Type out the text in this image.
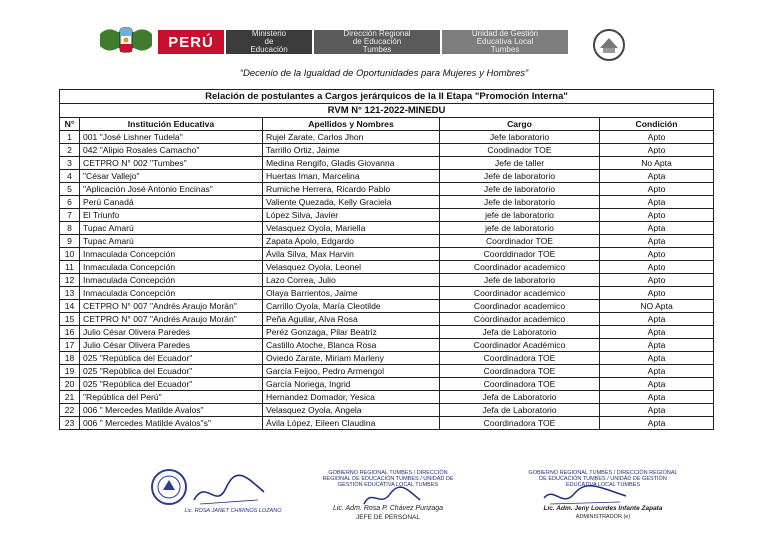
PERÚ	Ministerio
de
Educación
Dirección Regional
de Educación
Tumbes
Unidad de Gestión
Educativa Local
Tumbes
“Decenio de la Igualdad de Oportunidades para Mujeres y Hombres”
Relación de postulantes a Cargos jerárquicos de la II Etapa "Promoción Interna"				
RVM N° 121-2022-MINEDU				
N°	Institución Educativa	Apellidos y Nombres	Cargo	Condición
1	001 "José Lishner Tudela"	Rujel Zarate, Carlos Jhon	Jefe laboratorio	Apto
2	042 "Alipio Rosales Camacho"	Tarrillo Ortiz, Jaime	Coodinador TOE	Apto
3	CETPRO N° 002 "Tumbes"	Medina Rengifo, Gladis Giovanna	Jefe de taller	No Apta
4	"César Vallejo"	Huertas Iman, Marcelina	Jefe de laboratorio	Apta
5	"Aplicación José Antonio Encinas"	Rumiche Herrera, Ricardo Pablo	Jefe de laboratorio	Apto
6	Perú Canadá	Valiente Quezada, Kelly Graciela	Jefe de laboratorio	Apta
7	El Triunfo	López Silva, Javier	jefe de laboratorio	Apto
8	Tupac Amarú	Velasquez Oyola, Mariella	jefe de laboratorio	Apta
9	Tupac Amarú	Zapata Apolo, Edgardo	Coordinador TOE	Apta
10	Inmaculada Concepción	Ávila Silva, Max Harvin	Coorddinador TOE	Apto
11	Inmaculada Concepción	Velasquez Oyola, Leonel	Coordinador academico	Apto
12	Inmaculada Concepción	Lazo Correa, Julio	Jefe de laboratorio	Apto
13	Inmaculada Concepción	Olaya Barrientos, Jaime	Coordinador academico	Apto
14	CETPRO N° 007 "Andrés Araujo Morán"	Carrillo Oyola, María Cleotilde	Coordinador academico	NO Apta
15	CETPRO N° 007 "Andrés Araujo Morán"	Peña Aguilar, Alva Rosa	Coordinador academico	Apta
16	Julio César Olivera Paredes	Peréz Gonzaga, Pilar Beatriz	Jefa de Laboratorio	Apta
17	Julio César Olivera Paredes	Castillo Atoche, Blanca Rosa	Coordinador Académico	Apta
18	025 "República del Ecuador"	Oviedo Zarate, Miriam Marleny	Coordinadora TOE	Apta
19	025 "República del Ecuador"	García Feijoo, Pedro Armengol	Coordinadora TOE	Apta
20	025 "República del Ecuador"	García Noriega, Ingrid	Coordinadora TOE	Apta
21	"República del Perú"	Hernandez Domador, Yesica	Jefa de Laboratorio	Apta
22	006 " Mercedes Matilde Avalos"	Velasquez Oyola, Angela	Jefa de Laboratorio	Apta
23	006 " Mercedes Matilde Avalos"s"	Ávila López, Eileen Claudina	Coordinadora TOE	Apta
Lic. ROSA JANET CHIRINOS LOZANO
GOBIERNO REGIONAL TUMBES / DIRECCIÓN REGIONAL DE EDUCACIÓN TUMBES / UNIDAD DE GESTIÓN EDUCATIVA LOCAL TUMBES
Lic. Adm. Rosa P. Chávez Purizaga
JEFE DE PERSONAL
GOBIERNO REGIONAL TUMBES / DIRECCIÓN REGIONAL DE EDUCACIÓN TUMBES / UNIDAD DE GESTIÓN EDUCATIVA LOCAL TUMBES
Lic. Adm. Jeny Lourdes Infante Zapata
ADMINISTRADOR (e)
